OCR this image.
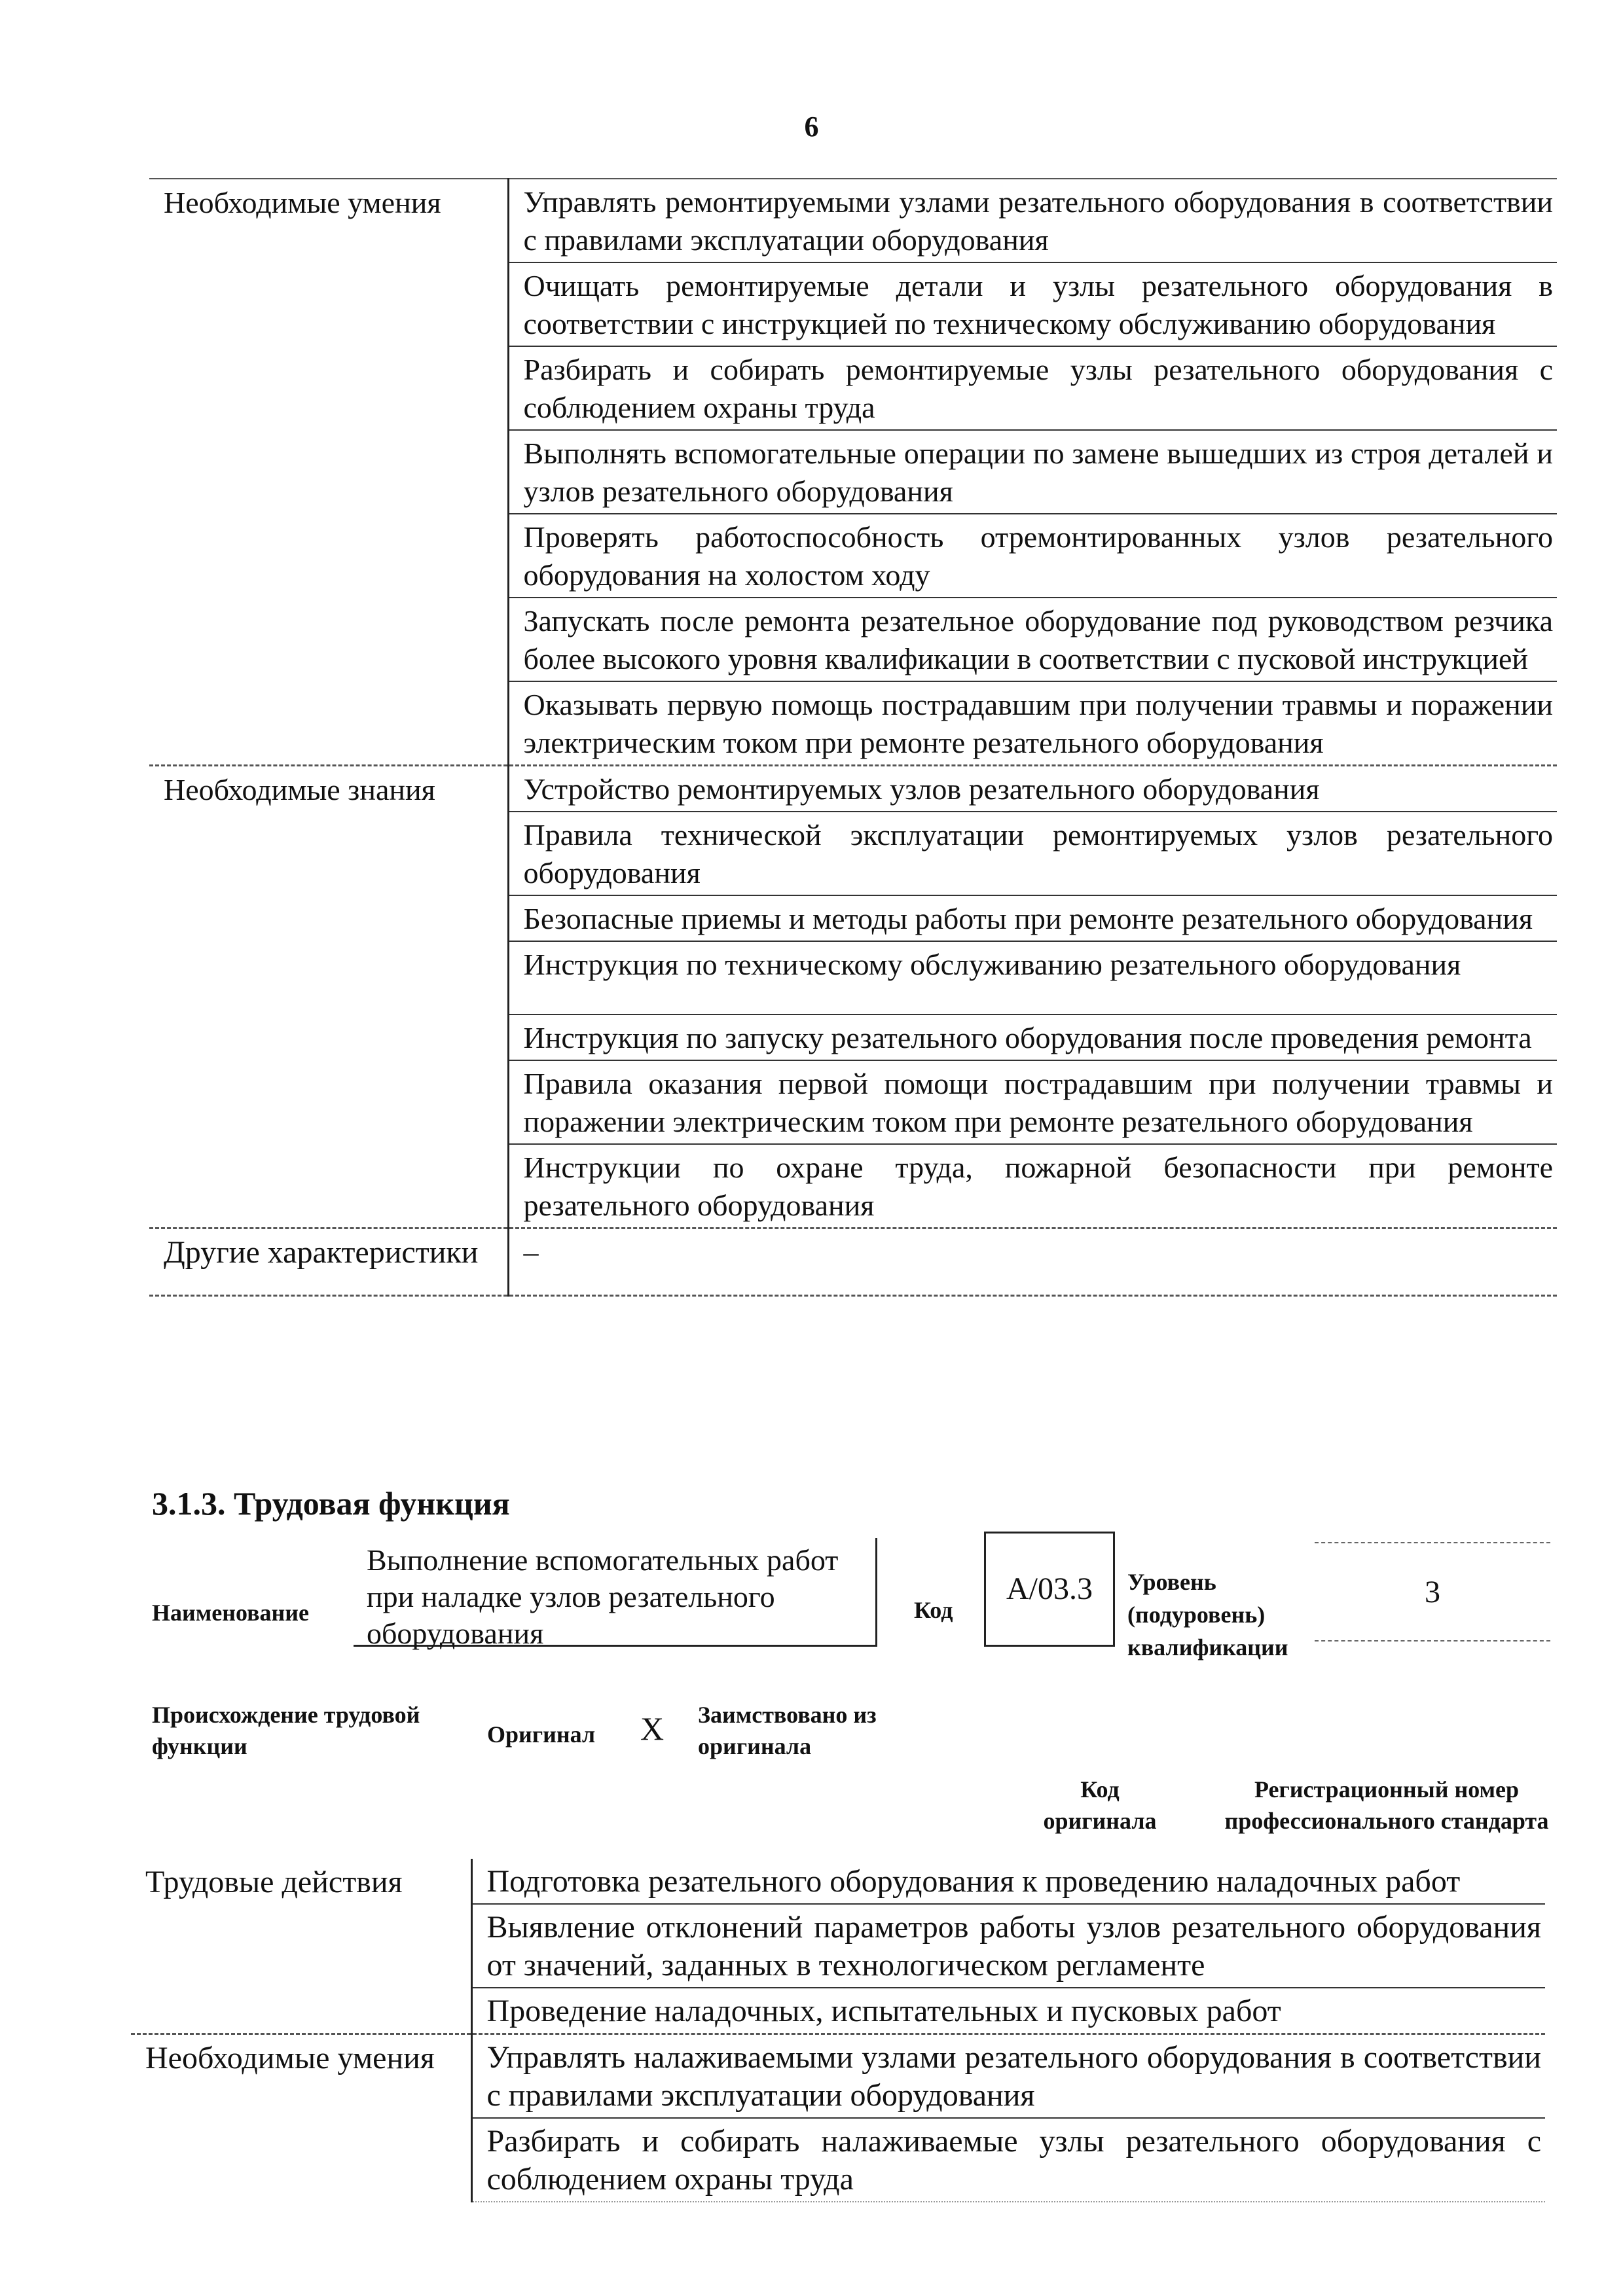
6
Необходимые умения	Управлять ремонтируемыми узлами резательного оборудования в соответствии с правилами эксплуатации оборудования
	Очищать ремонтируемые детали и узлы резательного оборудования в соответствии с инструкцией по техническому обслуживанию оборудования
	Разбирать и собирать ремонтируемые узлы резательного оборудования с соблюдением охраны труда
	Выполнять вспомогательные операции по замене вышедших из строя деталей и узлов резательного оборудования
	Проверять работоспособность отремонтированных узлов резательного оборудования на холостом ходу
	Запускать после ремонта резательное оборудование под руководством резчика более высокого уровня квалификации в соответствии с пусковой инструкцией
	Оказывать первую помощь пострадавшим при получении травмы и поражении электрическим током при ремонте резательного оборудования
Необходимые знания	Устройство ремонтируемых узлов резательного оборудования
	Правила технической эксплуатации ремонтируемых узлов резательного оборудования
	Безопасные приемы и методы работы при ремонте резательного оборудования
	Инструкция по техническому обслуживанию резательного оборудования
	Инструкция по запуску резательного оборудования после проведения ремонта
	Правила оказания первой помощи пострадавшим при получении травмы и поражении электрическим током при ремонте резательного оборудования
	Инструкции по охране труда, пожарной безопасности при ремонте резательного оборудования
Другие характеристики	–
3.1.3. Трудовая функция
Наименование
Выполнение вспомогательных работ при наладке узлов резательного оборудования
Код
А/03.3	Уровень (подуровень) квалификации
3
Происхождение трудовой функции	Оригинал X Заимствовано из оригинала
Код оригинала
Регистрационный номер профессионального стандарта
Трудовые действия	Подготовка резательного оборудования к проведению наладочных работ
	Выявление отклонений параметров работы узлов резательного оборудования от значений, заданных в технологическом регламенте
	Проведение наладочных, испытательных и пусковых работ
Необходимые умения	Управлять налаживаемыми узлами резательного оборудования в соответствии с правилами эксплуатации оборудования
	Разбирать и собирать налаживаемые узлы резательного оборудования с соблюдением охраны труда
